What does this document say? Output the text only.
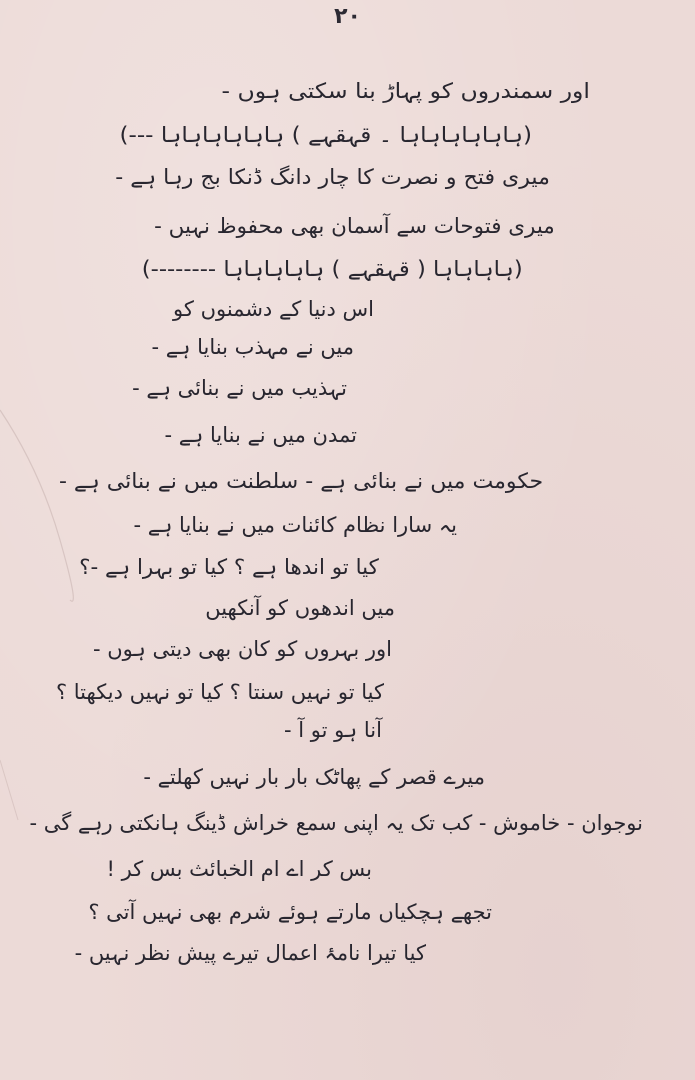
۲۰
اور سمندروں کو پہاڑ بنا سکتی ہوں -
(ہاہاہاہاہاہا ۔ قہقہے ) ہاہاہاہاہاہا ---)
میری فتح و نصرت کا چار دانگ ڈنکا بج رہا ہے -
میری فتوحات سے آسمان بھی محفوظ نہیں -
(ہاہاہاہا ( قہقہے ) ہاہاہاہاہا --------)
اس دنیا کے دشمنوں کو
میں نے مہذب بنایا ہے -
تہذیب میں نے بنائی ہے -
تمدن میں نے بنایا ہے -
حکومت میں نے بنائی ہے - سلطنت میں نے بنائی ہے -
یہ سارا نظام کائنات میں نے بنایا ہے -
کیا تو اندھا ہے ؟ کیا تو بہرا ہے -؟
میں اندھوں کو آنکھیں
اور بہروں کو کان بھی دیتی ہوں -
کیا تو نہیں سنتا ؟ کیا تو نہیں دیکھتا ؟
آنا ہو تو آ -
میرے قصر کے پھاٹک بار بار نہیں کھلتے -
نوجوان - خاموش - کب تک یہ اپنی سمع خراش ڈینگ ہانکتی رہے گی -
بس کر اے ام الخبائث بس کر !
تجھے ہچکیاں مارتے ہوئے شرم بھی نہیں آتی ؟
کیا تیرا نامۂ اعمال تیرے پیش نظر نہیں -
